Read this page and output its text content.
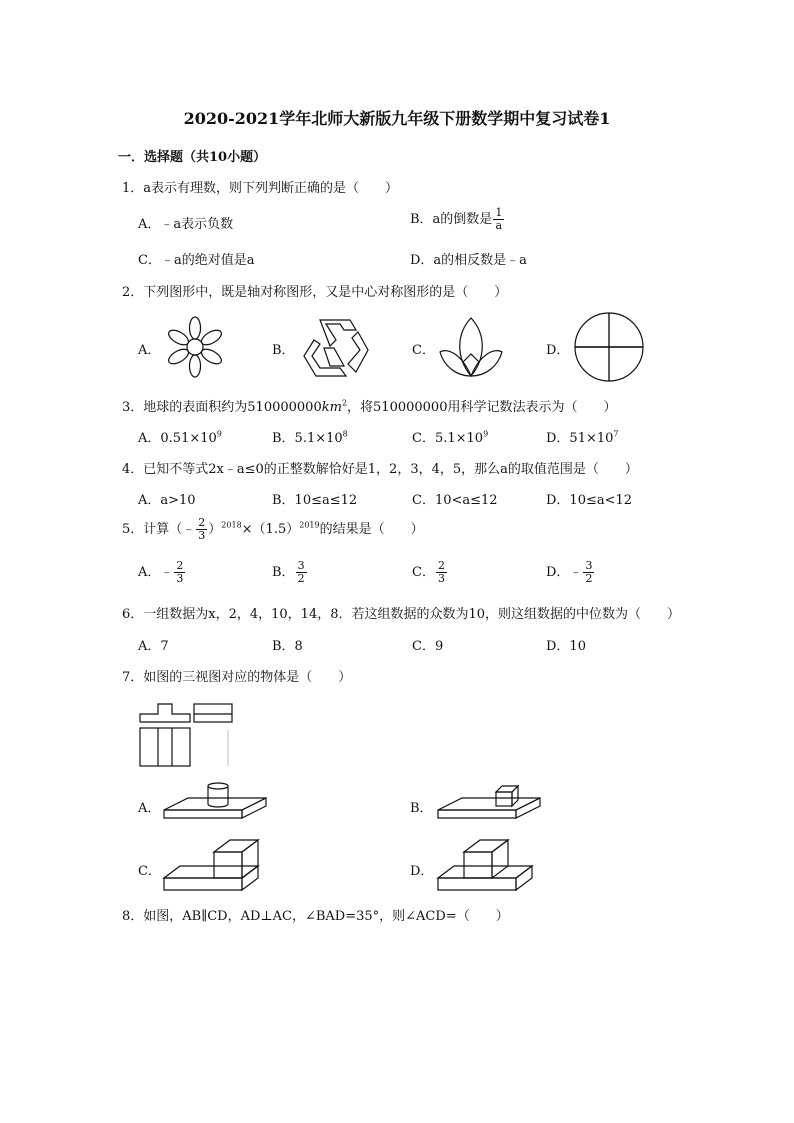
2020-2021学年北师大新版九年级下册数学期中复习试卷1
一．选择题（共10小题）
1．a表示有理数，则下列判断正确的是（　　）
A．﹣a表示负数	B．a的倒数是 $\frac{1}{a}$
C．﹣a的绝对值是a	D．a的相反数是﹣a
2．下列图形中，既是轴对称图形，又是中心对称图形的是（　　）
A．	B．	C．	D．
3．地球的表面积约为$510000000km^2$，将510000000用科学记数法表示为（　　）
A．$0.51\times 10^9$	B．$5.1\times 10^8$	C．$5.1\times 10^9$	D．$51\times 10^7$
4．已知不等式2x﹣a≤0的正整数解恰好是1，2，3，4，5，那么a的取值范围是（　　）
A．a>10	B．10≤a≤12	C．10<a≤12	D．10≤a<12
5．计算（﹣ $\frac{2}{3} )^{2018}\times(1.5)^{2019}$的结果是（　　）
A．﹣ $\frac{2}{3}$	B． $\frac{3}{2}$	C． $\frac{2}{3}$	D．﹣ $\frac{3}{2}$
6．一组数据为x，2，4，10，14，8．若这组数据的众数为10，则这组数据的中位数为（　　）
A．7	B．8	C．9	D．10
7．如图的三视图对应的物体是（　　）
A．	B．
C．	D．
8．如图，AB∥CD，AD⊥AC，∠BAD=35°，则∠ACD=（　　）
